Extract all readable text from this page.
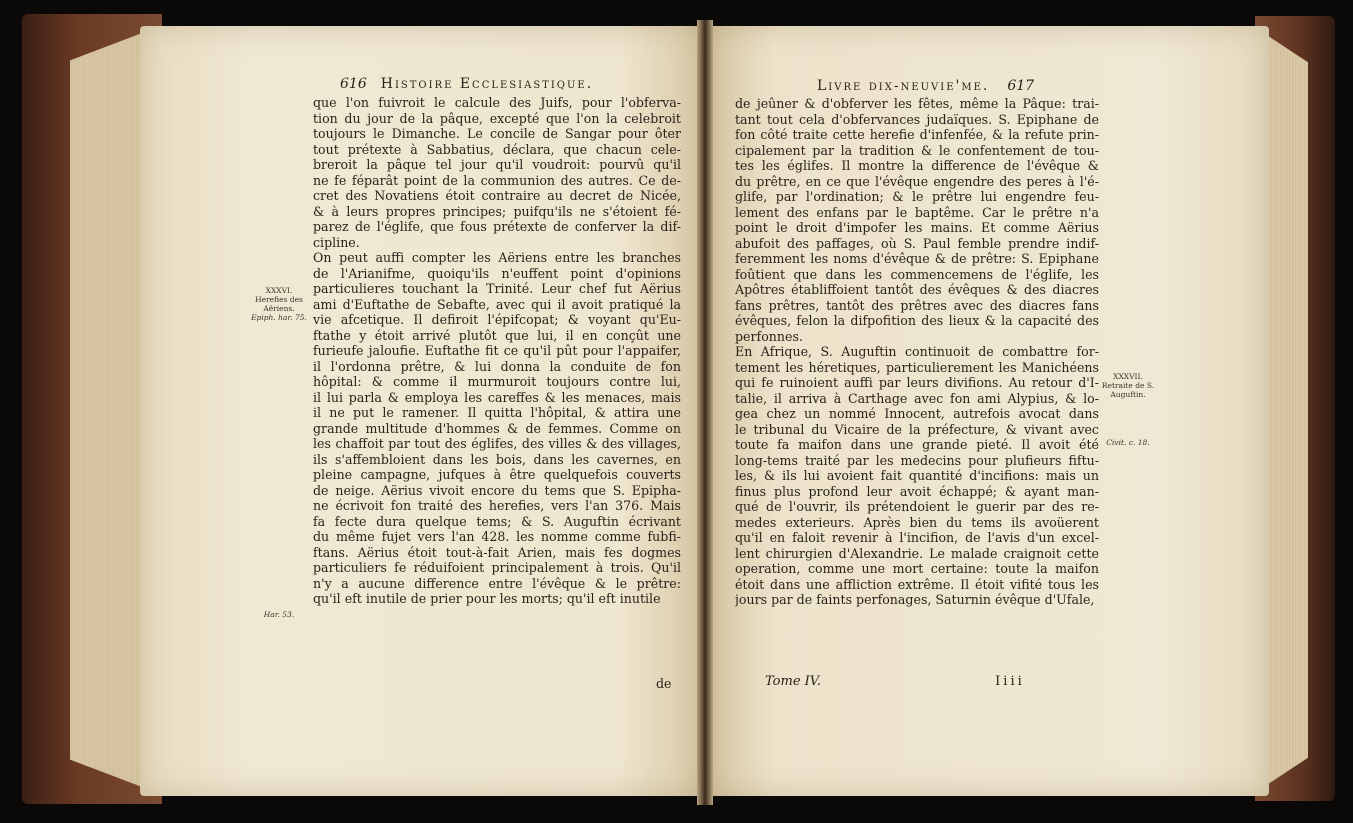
616 Histoire Ecclesiastique.

que l'on fuivroit le calcule des Juifs, pour l'obferva-

tion du jour de la pâque, excepté que l'on la celebroit

toujours le Dimanche. Le concile de Sangar pour ôter

tout prétexte à Sabbatius, déclara, que chacun cele-

breroit la pâque tel jour qu'il voudroit: pourvû qu'il

ne fe féparât point de la communion des autres. Ce de-

cret des Novatiens étoit contraire au decret de Nicée,

& à leurs propres principes; puifqu'ils ne s'étoient fé-

parez de l'églife, que fous prétexte de conferver la dif-

cipline.

On peut auffi compter les Aëriens entre les branches

de l'Arianifme, quoiqu'ils n'euffent point d'opinions

particulieres touchant la Trinité. Leur chef fut Aërius

ami d'Euftathe de Sebafte, avec qui il avoit pratiqué la

vie afcetique. Il defiroit l'épifcopat; & voyant qu'Eu-

ftathe y étoit arrivé plutôt que lui, il en conçût une

furieufe jaloufie. Euftathe fit ce qu'il pût pour l'appaifer,

il l'ordonna prêtre, & lui donna la conduite de fon

hôpital: & comme il murmuroit toujours contre lui,

il lui parla & employa les careffes & les menaces, mais

il ne put le ramener. Il quitta l'hôpital, & attira une

grande multitude d'hommes & de femmes. Comme on

les chaffoit par tout des églifes, des villes & des villages,

ils s'affembloient dans les bois, dans les cavernes, en

pleine campagne, jufques à être quelquefois couverts

de neige. Aërius vivoit encore du tems que S. Epipha-

ne écrivoit fon traité des herefies, vers l'an 376. Mais

fa fecte dura quelque tems; & S. Auguftin écrivant

du même fujet vers l'an 428. les nomme comme fubfi-

ftans. Aërius étoit tout-à-fait Arien, mais fes dogmes

particuliers fe réduifoient principalement à trois. Qu'il

n'y a aucune difference entre l'évêque & le prêtre:

qu'il eft inutile de prier pour les morts; qu'il eft inutile

de
XXXVI.
Herefies des Aëriens.
Epiph. har. 75.
Har. 53.
Livre dix-neuvie'me. 617

de jeûner & d'obferver les fêtes, même la Pâque: trai-

tant tout cela d'obfervances judaïques. S. Epiphane de

fon côté traite cette herefie d'infenfée, & la refute prin-

cipalement par la tradition & le confentement de tou-

tes les églifes. Il montre la difference de l'évêque &

du prêtre, en ce que l'évêque engendre des peres à l'é-

glife, par l'ordination; & le prêtre lui engendre feu-

lement des enfans par le baptême. Car le prêtre n'a

point le droit d'impofer les mains. Et comme Aërius

abufoit des paffages, où S. Paul femble prendre indif-

feremment les noms d'évêque & de prêtre: S. Epiphane

foûtient que dans les commencemens de l'églife, les

Apôtres établiffoient tantôt des évêques & des diacres

fans prêtres, tantôt des prêtres avec des diacres fans

évêques, felon la difpofition des lieux & la capacité des

perfonnes.

En Afrique, S. Auguftin continuoit de combattre for-

tement les héretiques, particulierement les Manichéens

qui fe ruinoient auffi par leurs divifions. Au retour d'I-

talie, il arriva à Carthage avec fon ami Alypius, & lo-

gea chez un nommé Innocent, autrefois avocat dans

le tribunal du Vicaire de la préfecture, & vivant avec

toute fa maifon dans une grande pieté. Il avoit été

long-tems traité par les medecins pour plufieurs fiftu-

les, & ils lui avoient fait quantité d'incifions: mais un

finus plus profond leur avoit échappé; & ayant man-

qué de l'ouvrir, ils prétendoient le guerir par des re-

medes exterieurs. Après bien du tems ils avoüerent

qu'il en faloit revenir à l'incifion, de l'avis d'un excel-

lent chirurgien d'Alexandrie. Le malade craignoit cette

operation, comme une mort certaine: toute la maifon

étoit dans une affliction extrême. Il étoit vifité tous les

jours par de faints perfonages, Saturnin évêque d'Ufale,

Tome IV.	Iiii
XXXVII.
Retraite de S. Auguftin.
Civit. c. 18.
